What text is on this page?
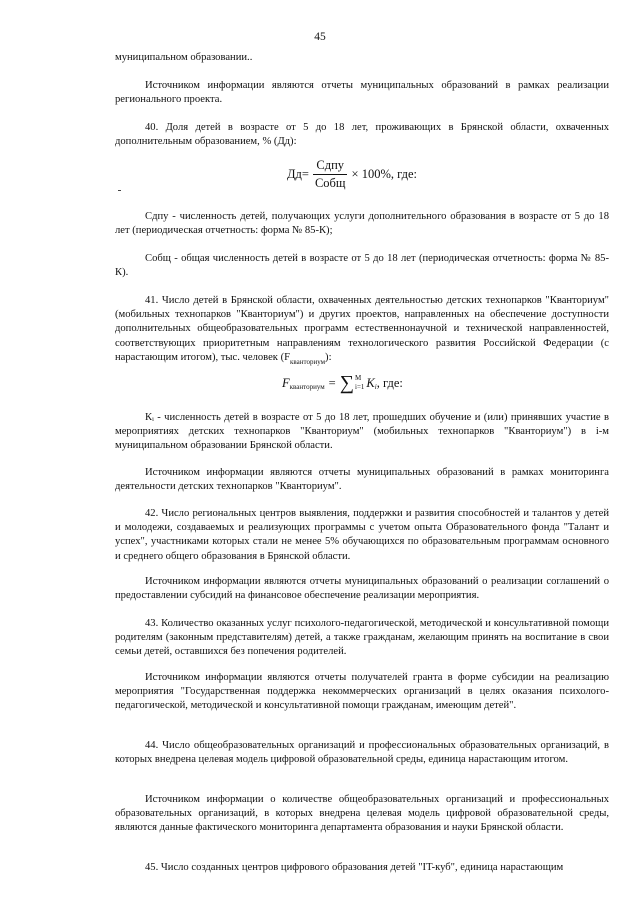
45

муниципальном образовании..

Источником информации являются отчеты муниципальных образований в рамках реализации регионального проекта.

40. Доля детей в возрасте от 5 до 18 лет, проживающих в Брянской области, охваченных дополнительным образованием, % (Дд):

$Дд= \frac{\text{Сдпу}}{\text{Собщ}} \times 100\%$, где:

Сдпу - численность детей, получающих услуги дополнительного образования в возрасте от 5 до 18 лет (периодическая отчетность: форма № 85-К);

Собщ - общая численность детей в возрасте от 5 до 18 лет (периодическая отчетность: форма № 85-К).

41. Число детей в Брянской области, охваченных деятельностью детских технопарков "Кванториум" (мобильных технопарков "Кванториум") и других проектов, направленных на обеспечение доступности дополнительных общеобразовательных программ естественнонаучной и технической направленностей, соответствующих приоритетным направлениям технологического развития Российской Федерации (с нарастающим итогом), тыс. человек $(F_{кванториум})$:

F кванториум = ∑ M
i=1 K i , где:

Кᵢ - численность детей в возрасте от 5 до 18 лет, прошедших обучение и (или) принявших участие в мероприятиях детских технопарков "Кванториум" (мобильных технопарков "Кванториум") в i-м муниципальном образовании Брянской области.

Источником информации являются отчеты муниципальных образований в рамках мониторинга деятельности детских технопарков "Кванториум".

42. Число региональных центров выявления, поддержки и развития способностей и талантов у детей и молодежи, создаваемых и реализующих программы с учетом опыта Образовательного фонда "Талант и успех", участниками которых стали не менее 5% обучающихся по образовательным программам основного и среднего общего образования в Брянской области.

Источником информации являются отчеты муниципальных образований о реализации соглашений о предоставлении субсидий на финансовое обеспечение реализации мероприятия.

43. Количество оказанных услуг психолого-педагогической, методической и консультативной помощи родителям (законным представителям) детей, а также гражданам, желающим принять на воспитание в свои семьи детей, оставшихся без попечения родителей.

Источником информации являются отчеты получателей гранта в форме субсидии на реализацию мероприятия "Государственная поддержка некоммерческих организаций в целях оказания психолого-педагогической, методической и консультативной помощи гражданам, имеющим детей".

44. Число общеобразовательных организаций и профессиональных образовательных организаций, в которых внедрена целевая модель цифровой образовательной среды, единица нарастающим итогом.

Источником информации о количестве общеобразовательных организаций и профессиональных образовательных организаций, в которых внедрена целевая модель цифровой образовательной среды, являются данные фактического мониторинга департамента образования и науки Брянской области.

45. Число созданных центров цифрового образования детей "IT-куб", единица нарастающим
